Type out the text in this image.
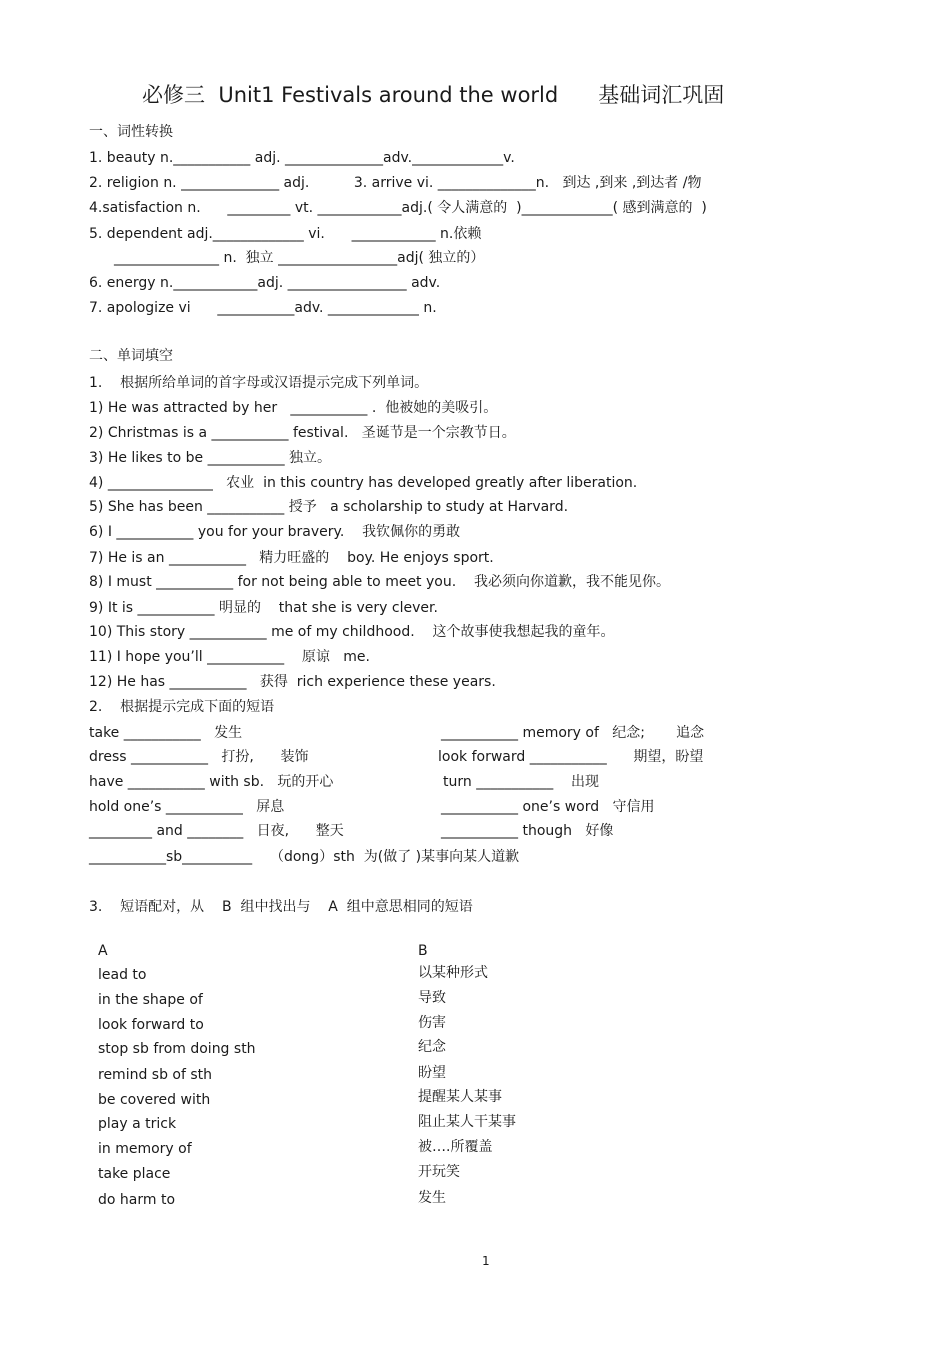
必修三  Unit1 Festivals around the world      基础词汇巩固
一、词性转换
1. beauty n.___________ adj. ______________adv._____________v.
2. religion n. ______________ adj.          3. arrive vi. ______________n.   到达 ,到来 ,到达者 /物
4.satisfaction n.      _________ vt. ____________adj.( 令人满意的  )_____________( 感到满意的  )
5. dependent adj._____________ vi.      ____________ n.依赖
_______________ n.  独立 _________________adj( 独立的）
6. energy n.____________adj. _________________ adv.
7. apologize vi      ___________adv. _____________ n.
二、单词填空
1.    根据所给单词的首字母或汉语提示完成下列单词。
1) He was attracted by her   ___________ .  他被她的美吸引。
2) Christmas is a ___________ festival.   圣诞节是一个宗教节日。
3) He likes to be ___________ 独立。
4) _______________   农业  in this country has developed greatly after liberation.
5) She has been ___________ 授予   a scholarship to study at Harvard.
6) I ___________ you for your bravery.    我钦佩你的勇敢
7) He is an ___________   精力旺盛的    boy. He enjoys sport.
8) I must ___________ for not being able to meet you.    我必须向你道歉，我不能见你。
9) It is ___________ 明显的    that she is very clever.
10) This story ___________ me of my childhood.    这个故事使我想起我的童年。
11) I hope you’ll ___________    原谅   me.
12) He has ___________   获得  rich experience these years.
2.    根据提示完成下面的短语
take ___________   发生
dress ___________   打扮,      装饰
have ___________ with sb.   玩的开心
hold one’s ___________   屏息
_________ and ________   日夜,      整天
___________sb__________    （dong）sth  为(做了 )某事向某人道歉
___________ memory of   纪念;       追念
look forward ___________      期望，盼望
turn ___________    出现
___________ one’s word   守信用
___________ though   好像
3.    短语配对，从    B  组中找出与    A  组中意思相同的短语
A	B
lead to
in the shape of
look forward to
stop sb from doing sth
remind sb of sth
be covered with
play a trick
in memory of
take place
do harm to
以某种形式
导致
伤害
纪念
盼望
提醒某人某事
阻止某人干某事
被….所覆盖
开玩笑
发生
1
